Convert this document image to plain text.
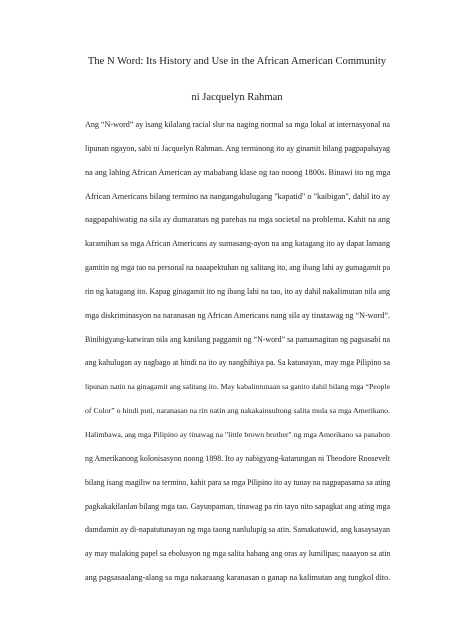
The N Word: Its History and Use in the African American Community
ni Jacquelyn Rahman
Ang “N-word” ay isang kilalang racial slur na naging normal sa mga lokal at internasyonal na
lipunan ngayon, sabi ni Jacquelyn Rahman. Ang terminong ito ay ginamit bilang pagpapahayag
na ang lahing African American ay mababang klase ng tao noong 1800s. Binawi ito ng mga
African Americans bilang termino na nangangahulugang "kapatid" o "kaibigan", dahil ito ay
nagpapahiwatig na sila ay dumaranas ng parehas na mga societal na problema. Kahit na ang
karamihan sa mga African Americans ay sumasang-ayon na ang katagang ito ay dapat lamang
gamitin ng mga tao na personal na naaapektuhan ng salitang ito, ang ibang lahi ay gumagamit pa
rin ng katagang ito. Kapag ginagamit ito ng ibang lahi na tao, ito ay dahil nakalimutan nila ang
mga diskriminasyon na naranasan ng African Americans nang sila ay tinatawag ng “N-word”.
Binibigyang-katwiran nila ang kanilang paggamit ng “N-word” sa pamamagitan ng pagsasabi na
ang kahulugan ay nagbago at hindi na ito ay nanghihiya pa. Sa katunayan, may mga Pilipino sa
lipunan natin na ginagamit ang salitang ito. May kabalintunaan sa ganito dahil bilang mga “People
of Color” o hindi puti, naranasan na rin natin ang nakakainsultong salita mula sa mga Amerikano.
Halimbawa, ang mga Pilipino ay tinawag na "little brown brother" ng mga Amerikano sa panahon
ng Amerikanong kolonisasyon noong 1898. Ito ay nabigyang-katarungan ni Theodore Roosevelt
bilang isang magiliw na termino, kahit para sa mga Pilipino ito ay tunay na nagpapasama sa ating
pagkakakilanlan bilang mga tao. Gayunpaman, tinawag pa rin tayo nito sapagkat ang ating mga
damdamin ay di-napatutunayan ng mga taong nanlulupig sa atin. Samakatuwid, ang kasaysayan
ay may malaking papel sa ebolusyon ng mga salita habang ang oras ay lumilipas; naaayon sa atin
ang pagsasaalang-alang sa mga nakaraang karanasan o ganap na kalimutan ang tungkol dito.
